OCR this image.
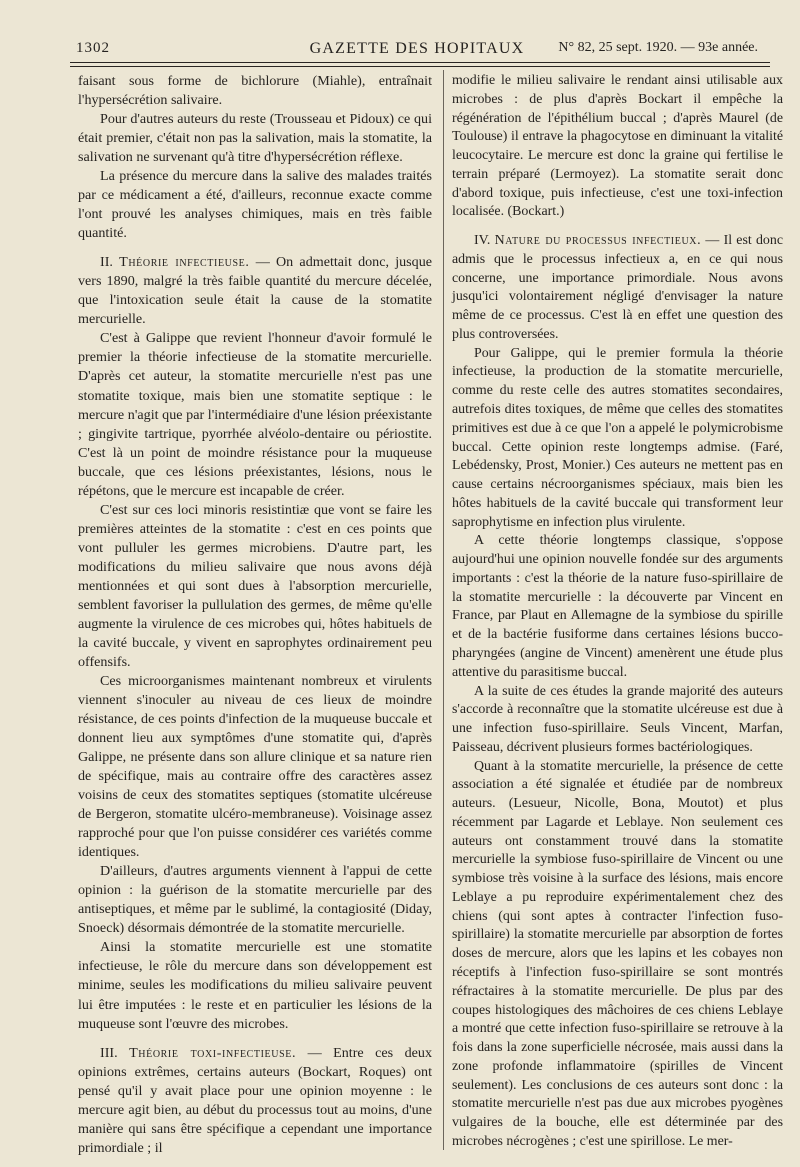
1302	GAZETTE DES HOPITAUX	N° 82, 25 sept. 1920. — 93e année.

faisant sous forme de bichlorure (Miahle), entraînait l'hypersécrétion salivaire.

Pour d'autres auteurs du reste (Trousseau et Pidoux) ce qui était premier, c'était non pas la salivation, mais la stomatite, la salivation ne survenant qu'à titre d'hypersécrétion réflexe.

La présence du mercure dans la salive des malades traités par ce médicament a été, d'ailleurs, reconnue exacte comme l'ont prouvé les analyses chimiques, mais en très faible quantité.

II. Théorie infectieuse. — On admettait donc, jusque vers 1890, malgré la très faible quantité du mercure décelée, que l'intoxication seule était la cause de la stomatite mercurielle.

C'est à Galippe que revient l'honneur d'avoir formulé le premier la théorie infectieuse de la stomatite mercurielle. D'après cet auteur, la stomatite mercurielle n'est pas une stomatite toxique, mais bien une stomatite septique : le mercure n'agit que par l'intermédiaire d'une lésion préexistante ; gingivite tartrique, pyorrhée alvéolo-dentaire ou périostite. C'est là un point de moindre résistance pour la muqueuse buccale, que ces lésions préexistantes, lésions, nous le répétons, que le mercure est incapable de créer.

C'est sur ces loci minoris resistintiæ que vont se faire les premières atteintes de la stomatite : c'est en ces points que vont pulluler les germes microbiens. D'autre part, les modifications du milieu salivaire que nous avons déjà mentionnées et qui sont dues à l'absorption mercurielle, semblent favoriser la pullulation des germes, de même qu'elle augmente la virulence de ces microbes qui, hôtes habituels de la cavité buccale, y vivent en saprophytes ordinairement peu offensifs.

Ces microorganismes maintenant nombreux et virulents viennent s'inoculer au niveau de ces lieux de moindre résistance, de ces points d'infection de la muqueuse buccale et donnent lieu aux symptômes d'une stomatite qui, d'après Galippe, ne présente dans son allure clinique et sa nature rien de spécifique, mais au contraire offre des caractères assez voisins de ceux des stomatites septiques (stomatite ulcéreuse de Bergeron, stomatite ulcéro-membraneuse). Voisinage assez rapproché pour que l'on puisse considérer ces variétés comme identiques.

D'ailleurs, d'autres arguments viennent à l'appui de cette opinion : la guérison de la stomatite mercurielle par des antiseptiques, et même par le sublimé, la contagiosité (Diday, Snoeck) désormais démontrée de la stomatite mercurielle.

Ainsi la stomatite mercurielle est une stomatite infectieuse, le rôle du mercure dans son développement est minime, seules les modifications du milieu salivaire peuvent lui être imputées : le reste et en particulier les lésions de la muqueuse sont l'œuvre des microbes.

III. Théorie toxi-infectieuse. — Entre ces deux opinions extrêmes, certains auteurs (Bockart, Roques) ont pensé qu'il y avait place pour une opinion moyenne : le mercure agit bien, au début du processus tout au moins, d'une manière qui sans être spécifique a cependant une importance primordiale ; il

modifie le milieu salivaire le rendant ainsi utilisable aux microbes : de plus d'après Bockart il empêche la régénération de l'épithélium buccal ; d'après Maurel (de Toulouse) il entrave la phagocytose en diminuant la vitalité leucocytaire. Le mercure est donc la graine qui fertilise le terrain préparé (Lermoyez). La stomatite serait donc d'abord toxique, puis infectieuse, c'est une toxi-infection localisée. (Bockart.)

IV. Nature du processus infectieux. — Il est donc admis que le processus infectieux a, en ce qui nous concerne, une importance primordiale. Nous avons jusqu'ici volontairement négligé d'envisager la nature même de ce processus. C'est là en effet une question des plus controversées.

Pour Galippe, qui le premier formula la théorie infectieuse, la production de la stomatite mercurielle, comme du reste celle des autres stomatites secondaires, autrefois dites toxiques, de même que celles des stomatites primitives est due à ce que l'on a appelé le polymicrobisme buccal. Cette opinion reste longtemps admise. (Faré, Lebédensky, Prost, Monier.) Ces auteurs ne mettent pas en cause certains nécroorganismes spéciaux, mais bien les hôtes habituels de la cavité buccale qui transforment leur saprophytisme en infection plus virulente.

A cette théorie longtemps classique, s'oppose aujourd'hui une opinion nouvelle fondée sur des arguments importants : c'est la théorie de la nature fuso-spirillaire de la stomatite mercurielle : la découverte par Vincent en France, par Plaut en Allemagne de la symbiose du spirille et de la bactérie fusiforme dans certaines lésions bucco-pharyngées (angine de Vincent) amenèrent une étude plus attentive du parasitisme buccal.

A la suite de ces études la grande majorité des auteurs s'accorde à reconnaître que la stomatite ulcéreuse est due à une infection fuso-spirillaire. Seuls Vincent, Marfan, Paisseau, décrivent plusieurs formes bactériologiques.

Quant à la stomatite mercurielle, la présence de cette association a été signalée et étudiée par de nombreux auteurs. (Lesueur, Nicolle, Bona, Moutot) et plus récemment par Lagarde et Leblaye. Non seulement ces auteurs ont constamment trouvé dans la stomatite mercurielle la symbiose fuso-spirillaire de Vincent ou une symbiose très voisine à la surface des lésions, mais encore Leblaye a pu reproduire expérimentalement chez des chiens (qui sont aptes à contracter l'infection fuso-spirillaire) la stomatite mercurielle par absorption de fortes doses de mercure, alors que les lapins et les cobayes non réceptifs à l'infection fuso-spirillaire se sont montrés réfractaires à la stomatite mercurielle. De plus par des coupes histologiques des mâchoires de ces chiens Leblaye a montré que cette infection fuso-spirillaire se retrouve à la fois dans la zone superficielle nécrosée, mais aussi dans la zone profonde inflammatoire (spirilles de Vincent seulement). Les conclusions de ces auteurs sont donc : la stomatite mercurielle n'est pas due aux microbes pyogènes vulgaires de la bouche, elle est déterminée par des microbes nécrogènes ; c'est une spirillose. Le mer-
